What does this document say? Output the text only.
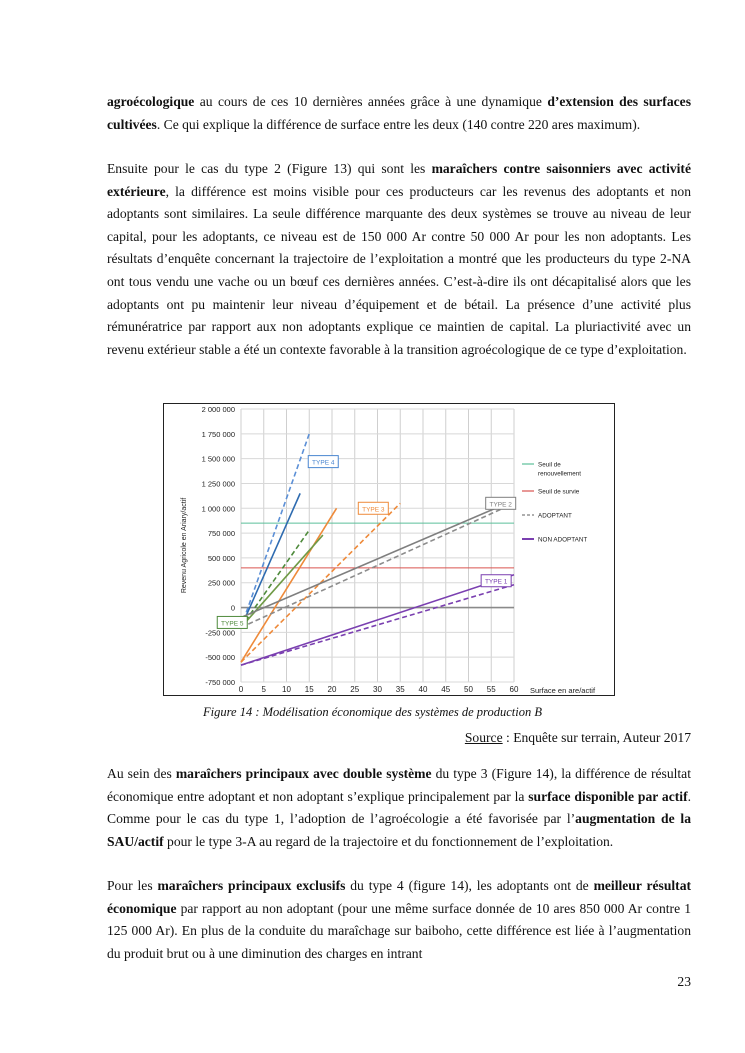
agroécologique au cours de ces 10 dernières années grâce à une dynamique d’extension des surfaces cultivées. Ce qui explique la différence de surface entre les deux (140 contre 220 ares maximum).

Ensuite pour le cas du type 2 (Figure 13) qui sont les maraîchers contre saisonniers avec activité extérieure, la différence est moins visible pour ces producteurs car les revenus des adoptants et non adoptants sont similaires. La seule différence marquante des deux systèmes se trouve au niveau de leur capital, pour les adoptants, ce niveau est de 150 000 Ar contre 50 000 Ar pour les non adoptants. Les résultats d’enquête concernant la trajectoire de l’exploitation a montré que les producteurs du type 2-NA ont tous vendu une vache ou un bœuf ces dernières années. C’est-à-dire ils ont décapitalisé alors que les adoptants ont pu maintenir leur niveau d’équipement et de bétail. La présence d’une activité plus rémunératrice par rapport aux non adoptants explique ce maintien de capital. La pluriactivité avec un revenu extérieur stable a été un contexte favorable à la transition agroécologique de ce type d’exploitation.

2 000 000
1 750 000
1 500 000
1 250 000
1 000 000
750 000
500 000
250 000
0
-250 000
-500 000
-750 000
0 5 10 15 20 25 30 35 40 45 50 55 60 Surface en are/actif
Revenu Agricole en Ariary/actif
TYPE 4
TYPE 3
TYPE 2
TYPE 1
TYPE 5
Seuil de
renouvellement
Seuil de survie
ADOPTANT
NON ADOPTANT
Figure 14 : Modélisation économique des systèmes de production B
Source : Enquête sur terrain, Auteur 2017

Au sein des maraîchers principaux avec double système du type 3 (Figure 14), la différence de résultat économique entre adoptant et non adoptant s’explique principalement par la surface disponible par actif. Comme pour le cas du type 1, l’adoption de l’agroécologie a été favorisée par l’augmentation de la SAU/actif pour le type 3-A au regard de la trajectoire et du fonctionnement de l’exploitation.

Pour les maraîchers principaux exclusifs du type 4 (figure 14), les adoptants ont de meilleur résultat économique par rapport au non adoptant (pour une même surface donnée de 10 ares 850 000 Ar contre 1 125 000 Ar). En plus de la conduite du maraîchage sur baiboho, cette différence est liée à l’augmentation du produit brut ou à une diminution des charges en intrant

23
